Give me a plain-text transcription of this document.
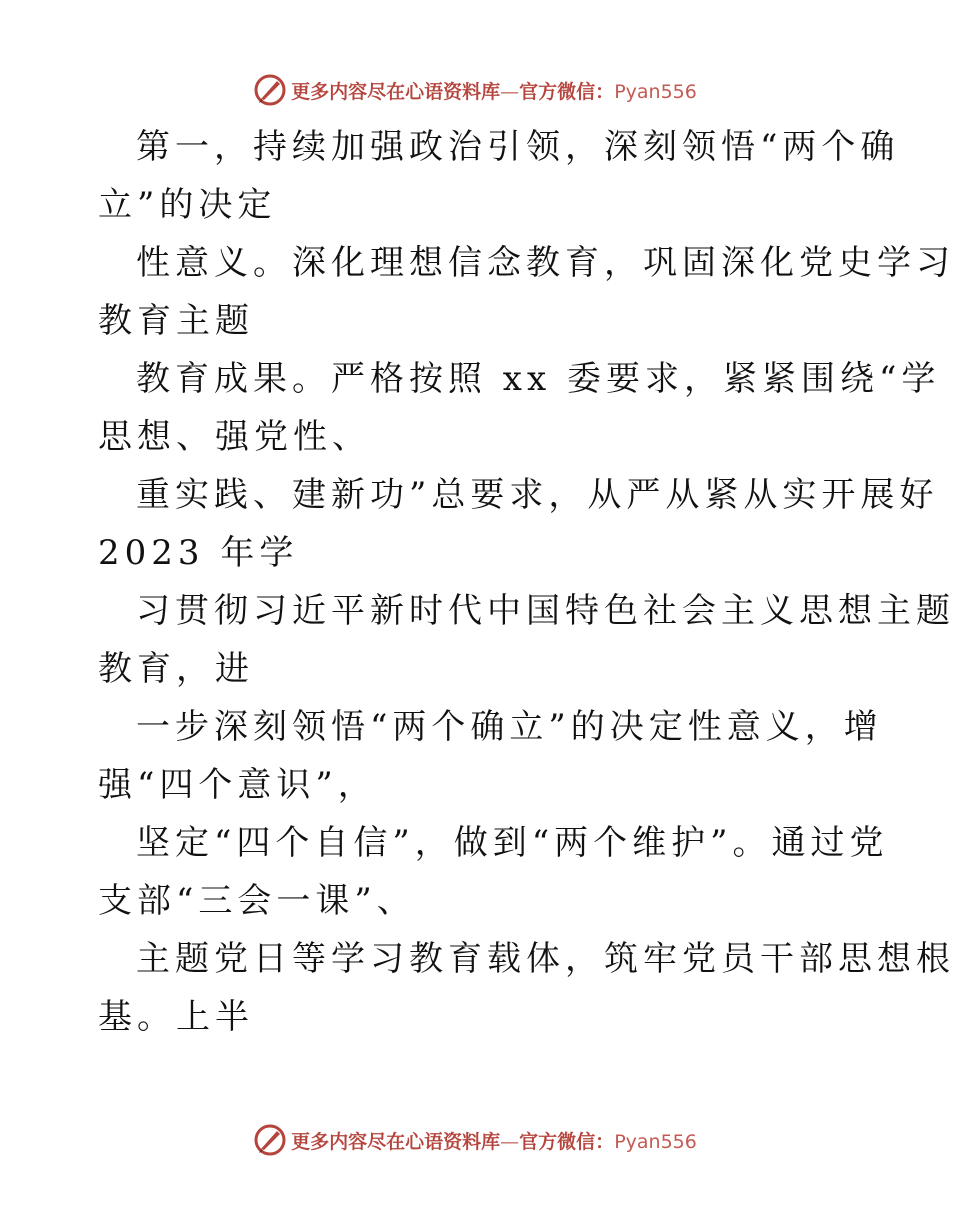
更多内容尽在心语资料库—官方微信：Pyan556
第一，持续加强政治引领，深刻领悟“两个确
立”的决定
性意义。深化理想信念教育，巩固深化党史学习
教育主题
教育成果。严格按照 xx 委要求，紧紧围绕“学
思想、强党性、
重实践、建新功”总要求，从严从紧从实开展好
2023 年学
习贯彻习近平新时代中国特色社会主义思想主题
教育，进
一步深刻领悟“两个确立”的决定性意义，增
强“四个意识”，
坚定“四个自信”，做到“两个维护”。通过党
支部“三会一课”、
主题党日等学习教育载体，筑牢党员干部思想根
基。上半
更多内容尽在心语资料库—官方微信：Pyan556
